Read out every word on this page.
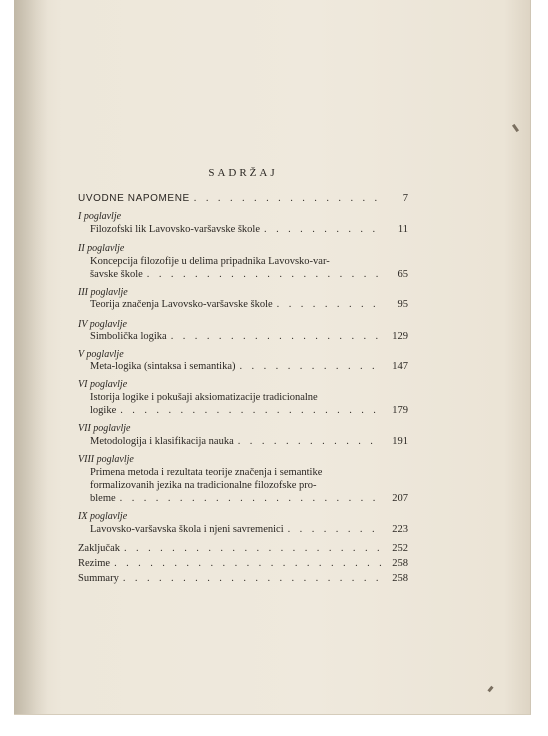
SADRŽAJ
UVODNE NAPOMENE . . .	7
I poglavlje
Filozofski lik Lavovsko-varšavske škole . . .	11
II poglavlje
Koncepcija filozofije u delima pripadnika Lavovsko-var-
šavske škole . . .	65
III poglavlje
Teorija značenja Lavovsko-varšavske škole . . .	95
IV poglavlje
Simbolička logika . . .	129
V poglavlje
Meta-logika (sintaksa i semantika) . . .	147
VI poglavlje
Istorija logike i pokušaji aksiomatizacije tradicionalne
logike . . .	179
VII poglavlje
Metodologija i klasifikacija nauka . . .	191
VIII poglavlje
Primena metoda i rezultata teorije značenja i semantike
formalizovanih jezika na tradicionalne filozofske pro-
bleme . . .	207
IX poglavlje
Lavovsko-varšavska škola i njeni savremenici . . .	223
Zaključak . . .	252
Rezime . . .	258
Summary . . .	258
